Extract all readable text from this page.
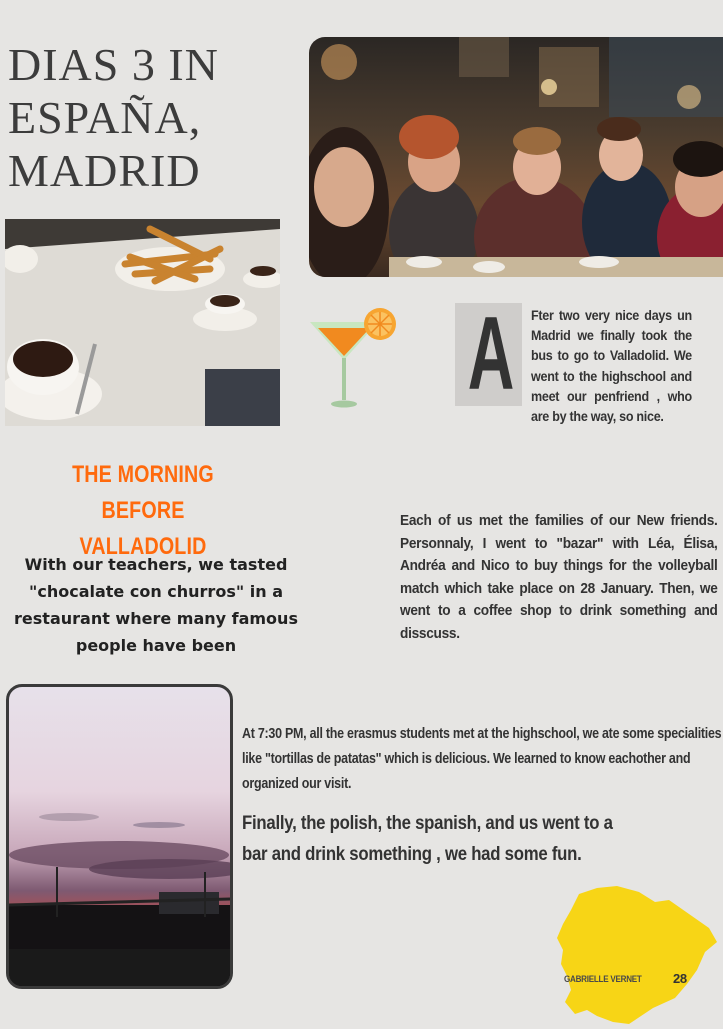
DIAS 3 IN
ESPAÑA,
MADRID
A Fter two very nice days un Madrid we finally took the bus to go to Valladolid. We went to the highschool and meet our penfriend , who are by the way, so nice.
THE MORNING BEFORE
VALLADOLID
With our teachers, we tasted "chocalate con churros" in a restaurant where many famous people have been
Each of us met the families of our New friends. Personnaly, I went to "bazar" with Léa, Élisa, Andréa and Nico to buy things for the volleyball match which take place on 28 January. Then, we went to a coffee shop to drink something and disscuss.
At 7:30 PM, all the erasmus students met at the highschool, we ate some specialities like "tortillas de patatas" which is delicious. We learned to know eachother and organized our visit.
Finally, the polish, the spanish, and us went to a bar and drink something , we had some fun.
GABRIELLE VERNET 28
